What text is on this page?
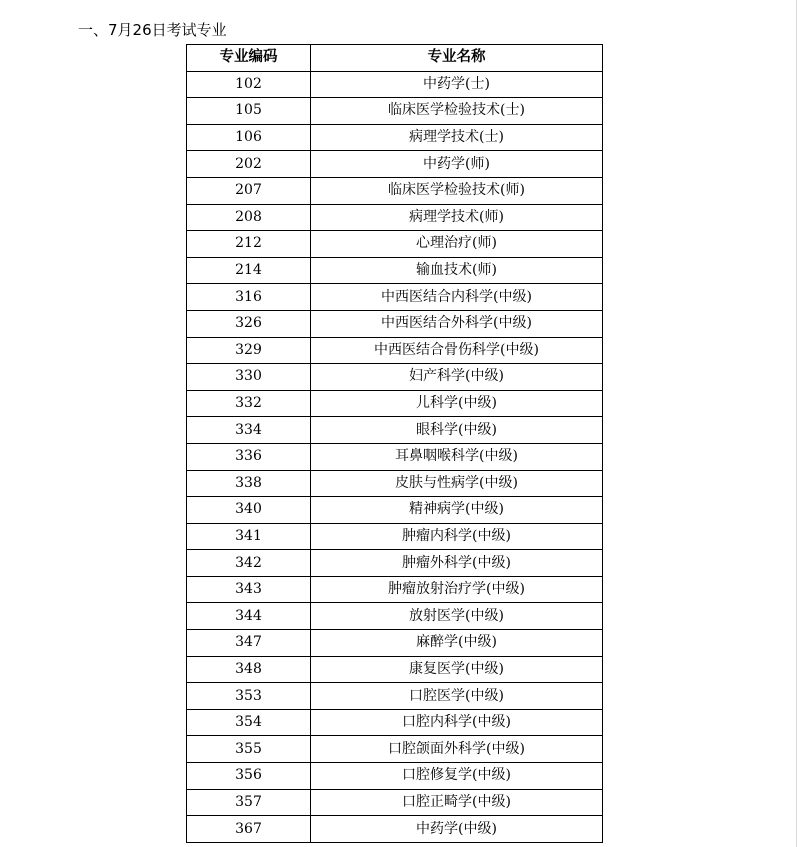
一、7月26日考试专业
专业编码	专业名称
102	中药学(士)
105	临床医学检验技术(士)
106	病理学技术(士)
202	中药学(师)
207	临床医学检验技术(师)
208	病理学技术(师)
212	心理治疗(师)
214	输血技术(师)
316	中西医结合内科学(中级)
326	中西医结合外科学(中级)
329	中西医结合骨伤科学(中级)
330	妇产科学(中级)
332	儿科学(中级)
334	眼科学(中级)
336	耳鼻咽喉科学(中级)
338	皮肤与性病学(中级)
340	精神病学(中级)
341	肿瘤内科学(中级)
342	肿瘤外科学(中级)
343	肿瘤放射治疗学(中级)
344	放射医学(中级)
347	麻醉学(中级)
348	康复医学(中级)
353	口腔医学(中级)
354	口腔内科学(中级)
355	口腔颌面外科学(中级)
356	口腔修复学(中级)
357	口腔正畸学(中级)
367	中药学(中级)
